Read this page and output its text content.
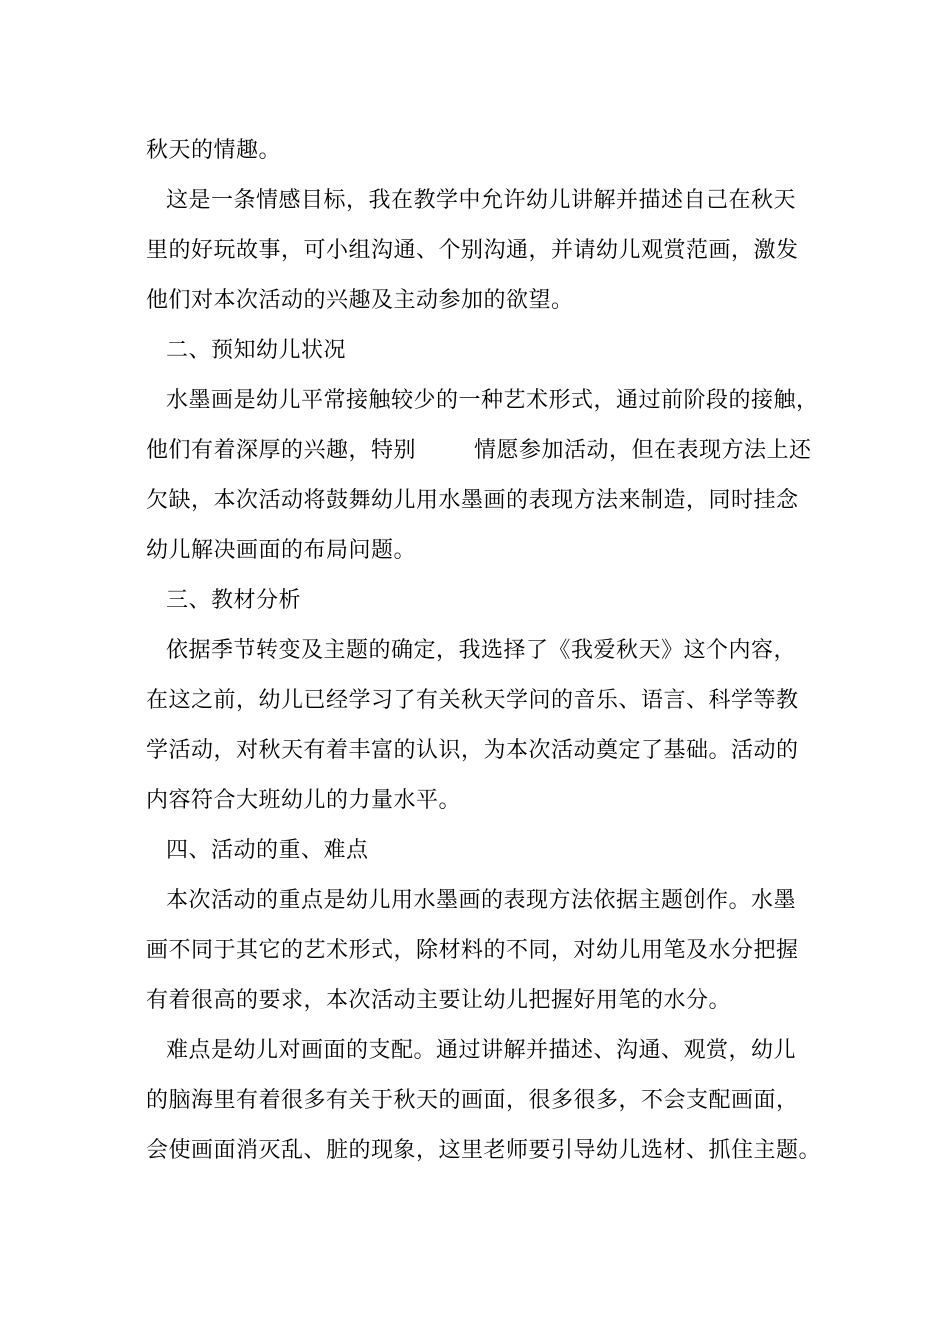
秋天的情趣。
这是一条情感目标，我在教学中允许幼儿讲解并描述自己在秋天
里的好玩故事，可小组沟通、个别沟通，并请幼儿观赏范画，激发
他们对本次活动的兴趣及主动参加的欲望。
二、预知幼儿状况
水墨画是幼儿平常接触较少的一种艺术形式，通过前阶段的接触，
他们有着深厚的兴趣，特别	情愿参加活动，但在表现方法上还
欠缺，本次活动将鼓舞幼儿用水墨画的表现方法来制造，同时挂念
幼儿解决画面的布局问题。
三、教材分析
依据季节转变及主题的确定，我选择了《我爱秋天》这个内容，
在这之前，幼儿已经学习了有关秋天学问的音乐、语言、科学等教
学活动，对秋天有着丰富的认识，为本次活动奠定了基础。活动的
内容符合大班幼儿的力量水平。
四、活动的重、难点
本次活动的重点是幼儿用水墨画的表现方法依据主题创作。水墨
画不同于其它的艺术形式，除材料的不同，对幼儿用笔及水分把握
有着很高的要求，本次活动主要让幼儿把握好用笔的水分。
难点是幼儿对画面的支配。通过讲解并描述、沟通、观赏，幼儿
的脑海里有着很多有关于秋天的画面，很多很多，不会支配画面，
会使画面消灭乱、脏的现象，这里老师要引导幼儿选材、抓住主题。
